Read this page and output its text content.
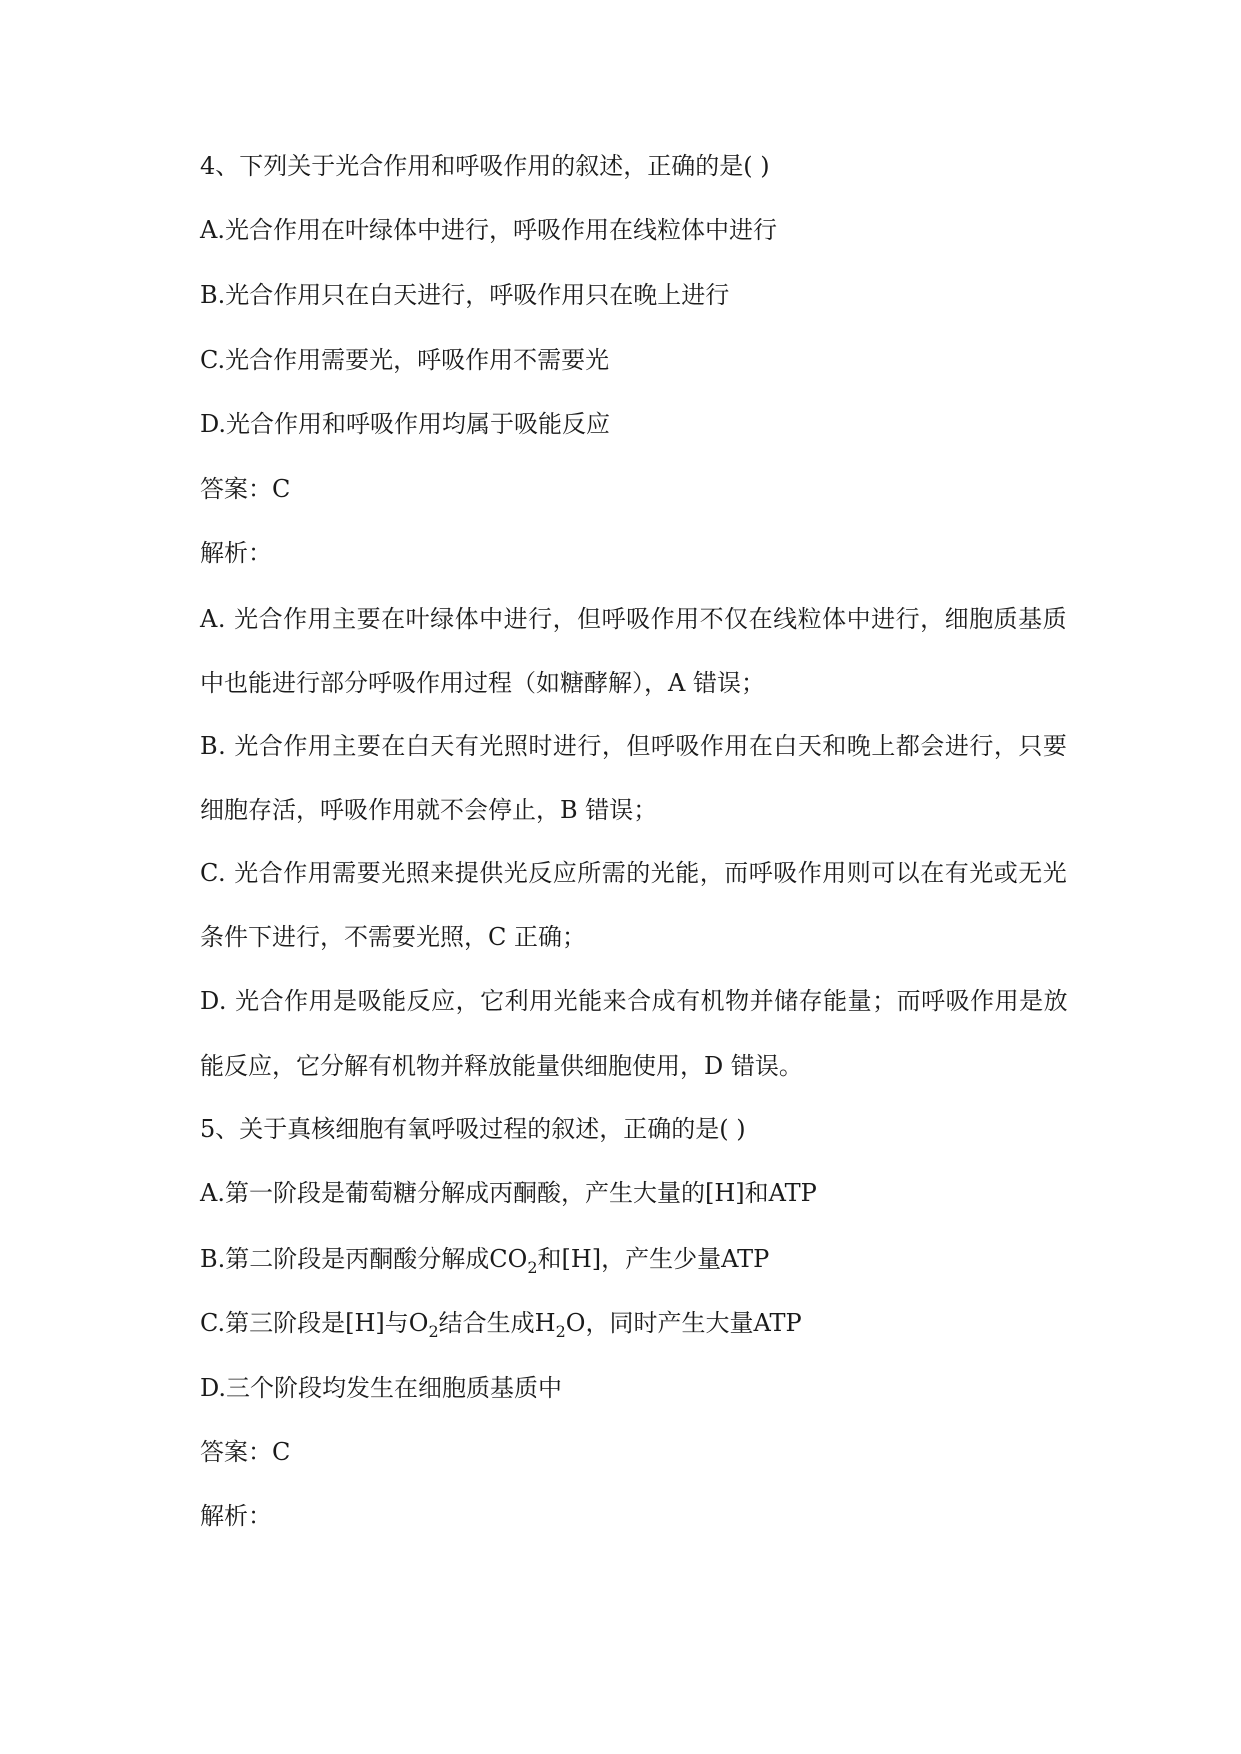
4、下列关于光合作用和呼吸作用的叙述，正确的是( )
A.光合作用在叶绿体中进行，呼吸作用在线粒体中进行
B.光合作用只在白天进行，呼吸作用只在晚上进行
C.光合作用需要光，呼吸作用不需要光
D.光合作用和呼吸作用均属于吸能反应
答案：C
解析：
A. 光合作用主要在叶绿体中进行，但呼吸作用不仅在线粒体中进行，细胞质基质
中也能进行部分呼吸作用过程（如糖酵解），A 错误；
B. 光合作用主要在白天有光照时进行，但呼吸作用在白天和晚上都会进行，只要
细胞存活，呼吸作用就不会停止，B 错误；
C. 光合作用需要光照来提供光反应所需的光能，而呼吸作用则可以在有光或无光
条件下进行，不需要光照，C 正确；
D. 光合作用是吸能反应，它利用光能来合成有机物并储存能量；而呼吸作用是放
能反应，它分解有机物并释放能量供细胞使用，D 错误。
5、关于真核细胞有氧呼吸过程的叙述，正确的是( )
A.第一阶段是葡萄糖分解成丙酮酸，产生大量的[H]和ATP
B.第二阶段是丙酮酸分解成$CO_2$和[H]，产生少量ATP
C.第三阶段是[H]与$O_2$结合生成$H_2O$，同时产生大量ATP
D.三个阶段均发生在细胞质基质中
答案：C
解析：
